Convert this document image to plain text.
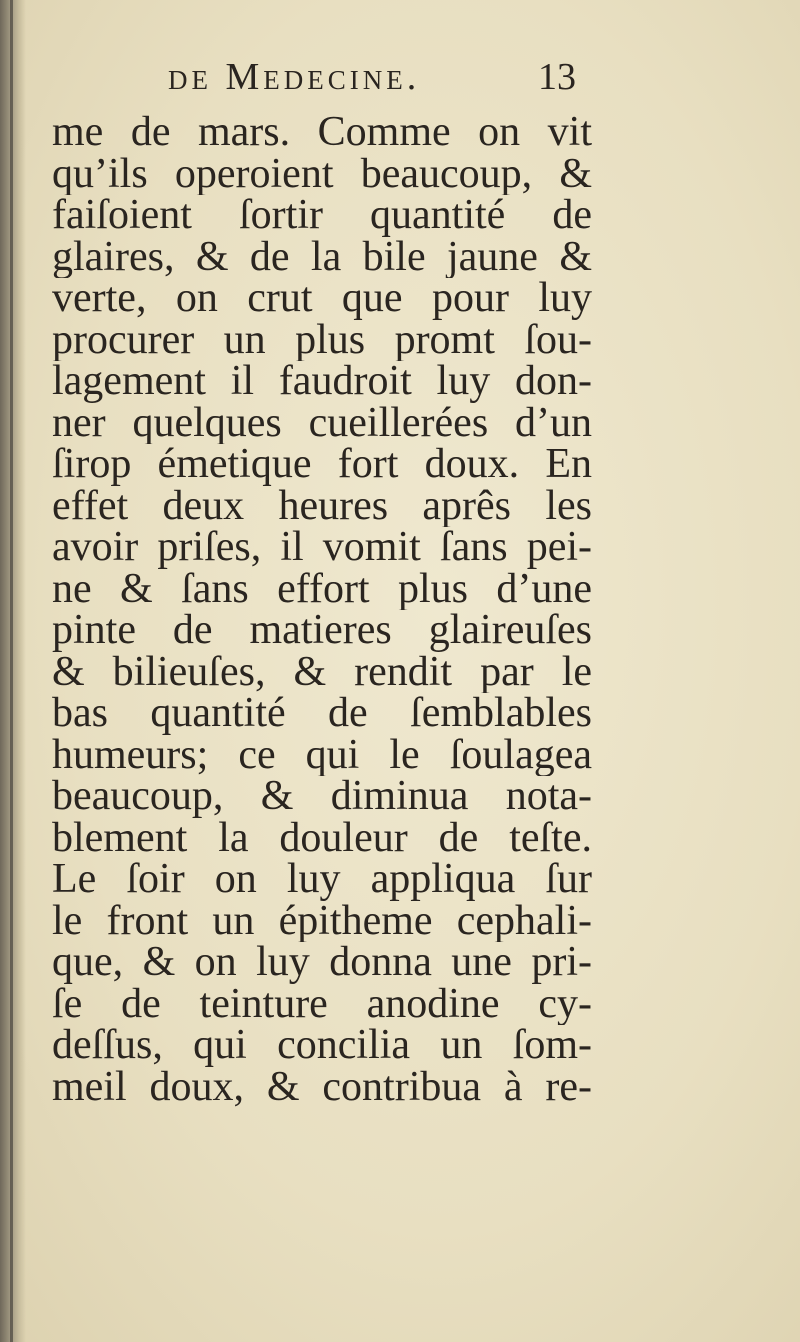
de Medecine.	13
me de mars. Comme on vit
qu’ils operoient beaucoup, &
faiſoient ſortir quantité de
glaires, & de la bile jaune &
verte, on crut que pour luy
procurer un plus promt ſou-
lagement il faudroit luy don-
ner quelques cueillerées d’un
ſirop émetique fort doux. En
effet deux heures aprês les
avoir priſes, il vomit ſans pei-
ne & ſans effort plus d’une
pinte de matieres glaireuſes
& bilieuſes, & rendit par le
bas quantité de ſemblables
humeurs; ce qui le ſoulagea
beaucoup, & diminua nota-
blement la douleur de teſte.
Le ſoir on luy appliqua ſur
le front un épitheme cephali-
que, & on luy donna une pri-
ſe de teinture anodine cy-
deſſus, qui concilia un ſom-
meil doux, & contribua à re-
